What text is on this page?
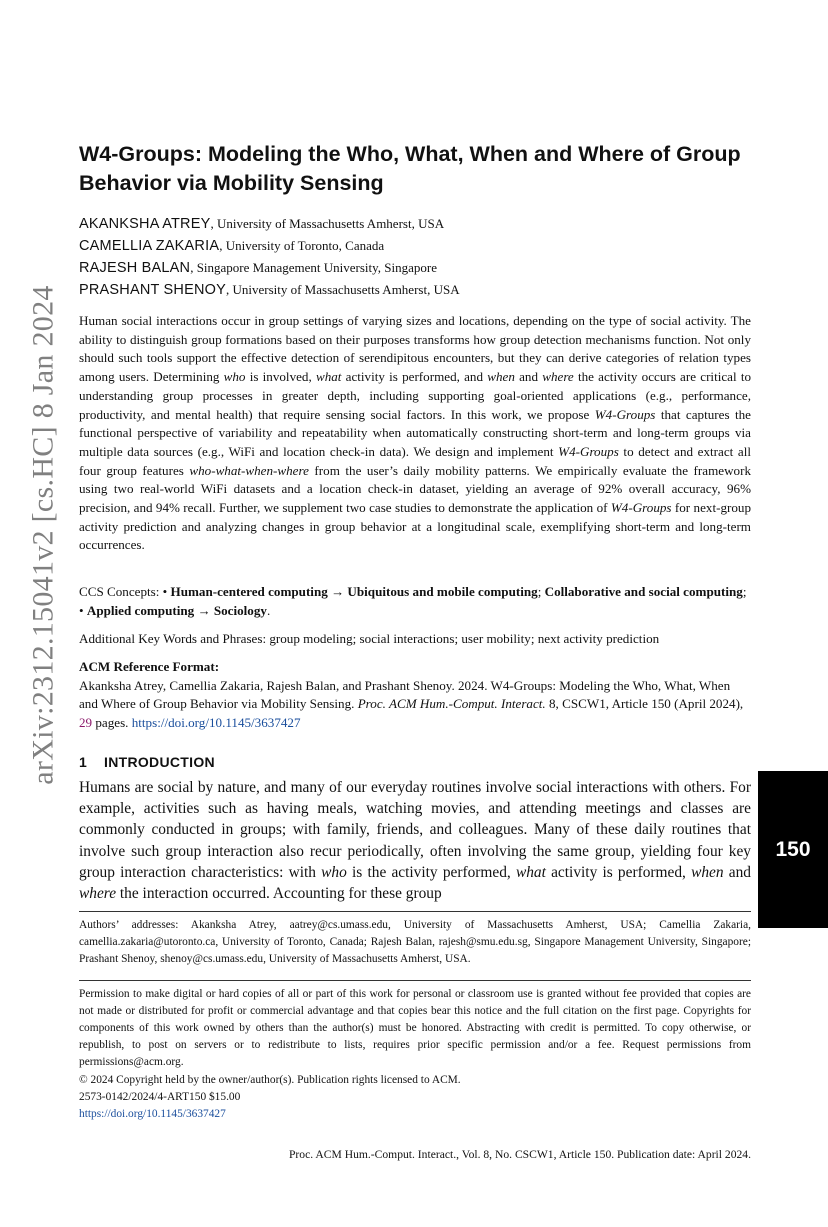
arXiv:2312.15041v2 [cs.HC] 8 Jan 2024
W4-Groups: Modeling the Who, What, When and Where of Group Behavior via Mobility Sensing
AKANKSHA ATREY, University of Massachusetts Amherst, USA
CAMELLIA ZAKARIA, University of Toronto, Canada
RAJESH BALAN, Singapore Management University, Singapore
PRASHANT SHENOY, University of Massachusetts Amherst, USA

Human social interactions occur in group settings of varying sizes and locations, depending on the type of social activity. The ability to distinguish group formations based on their purposes transforms how group detection mechanisms function. Not only should such tools support the effective detection of serendipitous encounters, but they can derive categories of relation types among users. Determining who is involved, what activity is performed, and when and where the activity occurs are critical to understanding group processes in greater depth, including supporting goal-oriented applications (e.g., performance, productivity, and mental health) that require sensing social factors. In this work, we propose W4-Groups that captures the functional perspective of variability and repeatability when automatically constructing short-term and long-term groups via multiple data sources (e.g., WiFi and location check-in data). We design and implement W4-Groups to detect and extract all four group features who-what-when-where from the user’s daily mobility patterns. We empirically evaluate the framework using two real-world WiFi datasets and a location check-in dataset, yielding an average of 92% overall accuracy, 96% precision, and 94% recall. Further, we supplement two case studies to demonstrate the application of W4-Groups for next-group activity prediction and analyzing changes in group behavior at a longitudinal scale, exemplifying short-term and long-term occurrences.

CCS Concepts: • Human-centered computing → Ubiquitous and mobile computing; Collaborative and social computing; • Applied computing → Sociology.

Additional Key Words and Phrases: group modeling; social interactions; user mobility; next activity prediction

ACM Reference Format:
Akanksha Atrey, Camellia Zakaria, Rajesh Balan, and Prashant Shenoy. 2024. W4-Groups: Modeling the Who, What, When and Where of Group Behavior via Mobility Sensing. Proc. ACM Hum.-Comput. Interact. 8, CSCW1, Article 150 (April 2024), 29 pages. https://doi.org/10.1145/3637427
1 INTRODUCTION

Humans are social by nature, and many of our everyday routines involve social interactions with others. For example, activities such as having meals, watching movies, and attending meetings and classes are commonly conducted in groups; with family, friends, and colleagues. Many of these daily routines that involve such group interaction also recur periodically, often involving the same group, yielding four key group interaction characteristics: with who is the activity performed, what activity is performed, when and where the interaction occurred. Accounting for these group

Authors’ addresses: Akanksha Atrey, aatrey@cs.umass.edu, University of Massachusetts Amherst, USA; Camellia Zakaria, camellia.zakaria@utoronto.ca, University of Toronto, Canada; Rajesh Balan, rajesh@smu.edu.sg, Singapore Management University, Singapore; Prashant Shenoy, shenoy@cs.umass.edu, University of Massachusetts Amherst, USA.

Permission to make digital or hard copies of all or part of this work for personal or classroom use is granted without fee provided that copies are not made or distributed for profit or commercial advantage and that copies bear this notice and the full citation on the first page. Copyrights for components of this work owned by others than the author(s) must be honored. Abstracting with credit is permitted. To copy otherwise, or republish, to post on servers or to redistribute to lists, requires prior specific permission and/or a fee. Request permissions from permissions@acm.org.

© 2024 Copyright held by the owner/author(s). Publication rights licensed to ACM.
2573-0142/2024/4-ART150 $15.00
https://doi.org/10.1145/3637427
Proc. ACM Hum.-Comput. Interact., Vol. 8, No. CSCW1, Article 150. Publication date: April 2024.
150
